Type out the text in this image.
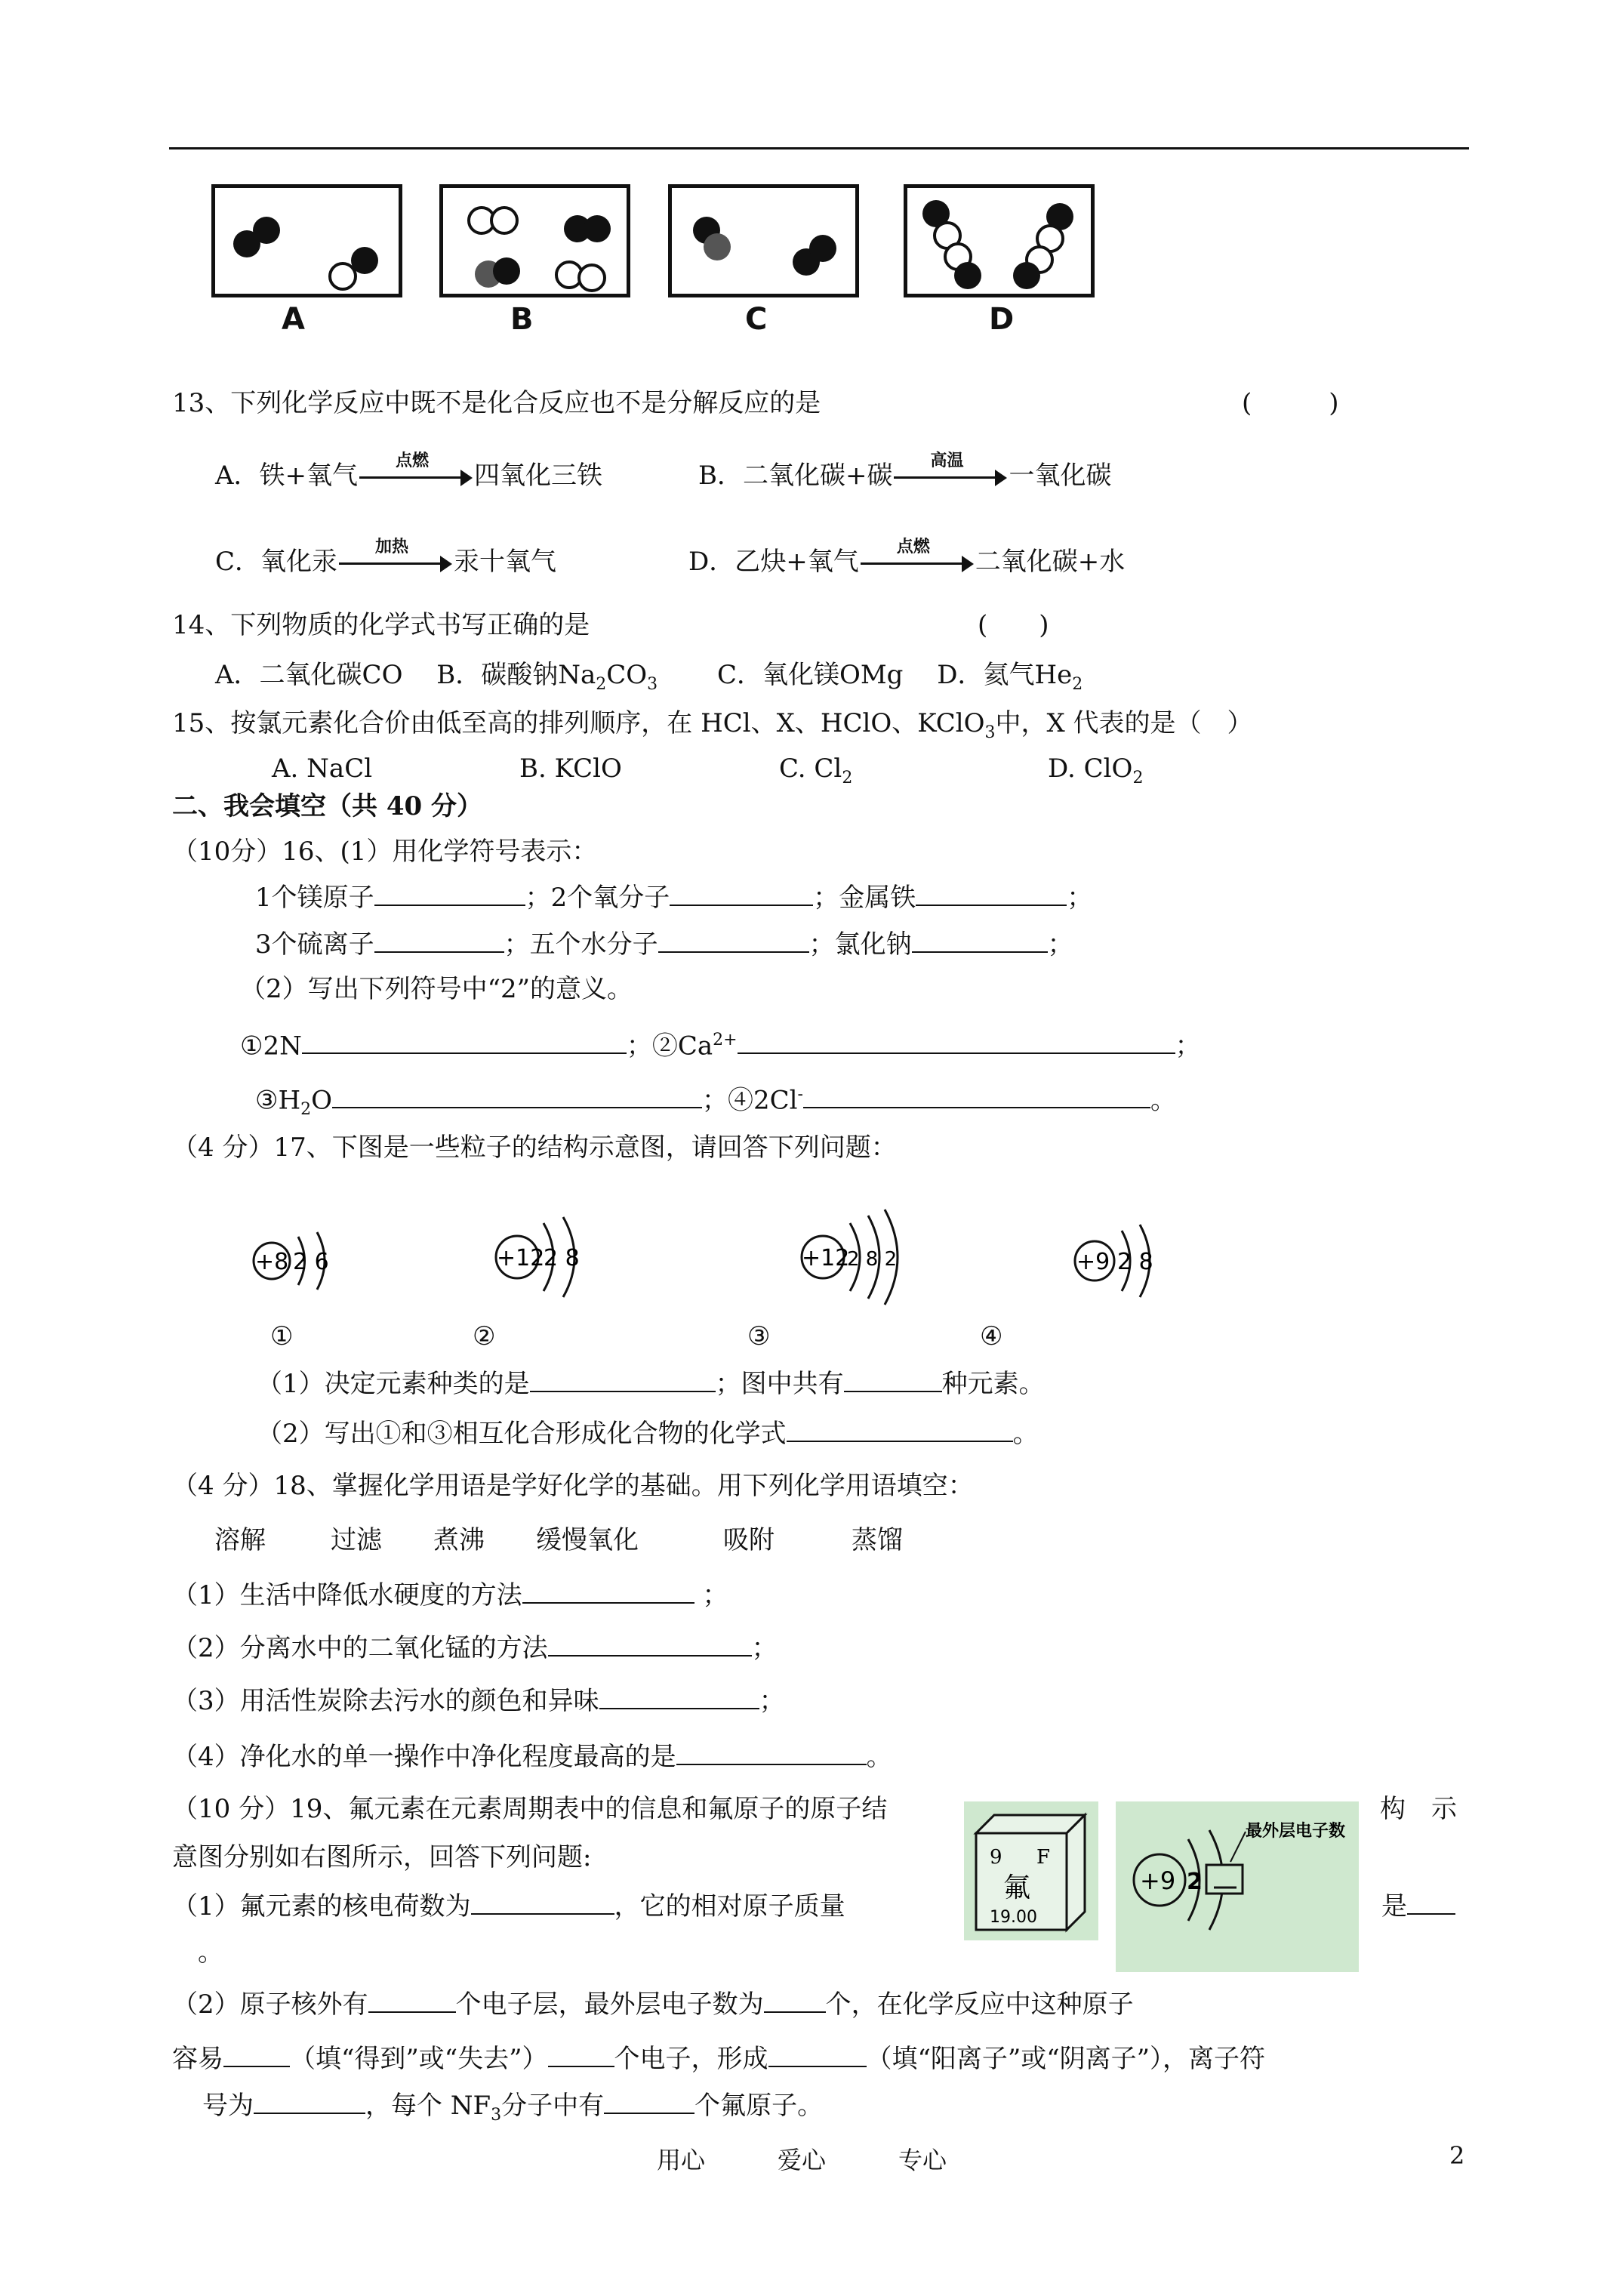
A	B	C	D
13、下列化学反应中既不是化合反应也不是分解反应的是	(　　　)
A．铁+氧气	点燃	四氧化三铁	B．二氧化碳+碳	高温	一氧化碳
C．氧化汞	加热	汞十氧气	D．乙炔+氧气	点燃	二氧化碳+水
14、下列物质的化学式书写正确的是	(　　)
A．二氧化碳CO　 B．碳酸钠$Na_2CO_3$　　 C．氧化镁OMg　 D．氦气$He_2$
15、按氯元素化合价由低至高的排列顺序，在 HCl、X、HClO、KClO$_3$中，X 代表的是（　）
A. NaCl	B. KClO	C. $Cl_2$	D. ClO$_2$
二、我会填空（共 40 分）
（10分）16、(1）用化学符号表示：
1个镁原子	；2个氧分子	；金属铁	；
3个硫离子	；五个水分子	；氯化钠	；
（2）写出下列符号中“2”的意义。
①2N	；$②Ca^{2+}$	；
$③H_2O$	；④2Cl-	。
（4 分）17、下图是一些粒子的结构示意图，请回答下列问题：
+8 2 6	+12
2 8	+12
2 8 2	+9 2 8
①	②	③	④
（1）决定元素种类的是	；图中共有	种元素。
（2）写出①和③相互化合形成化合物的化学式	。
（4 分）18、掌握化学用语是学好化学的基础。用下列化学用语填空：
溶解	过滤 煮沸 缓慢氧化	吸附	蒸馏
（1）生活中降低水硬度的方法	；
（2）分离水中的二氧化锰的方法	；
（3）用活性炭除去污水的颜色和异味	；
（4）净化水的单一操作中净化程度最高的是	。
（10 分）19、氟元素在元素周期表中的信息和氟原子的原子结	构　示
意图分别如右图所示，回答下列问题:
（1）氟元素的核电荷数为	，它的相对原子质量	是
。
9 F
氟
19.00
+9 2
最外层电子数
（2）原子核外有	个电子层，最外层电子数为 个，在化学反应中这种原子
容易	（填“得到”或“失去”）	个电子，形成	（填“阳离子”或“阴离子”），离子符
号为	，每个 $NF_3$分子中有	个氟原子。
用心　　　爱心　　　专心	2
